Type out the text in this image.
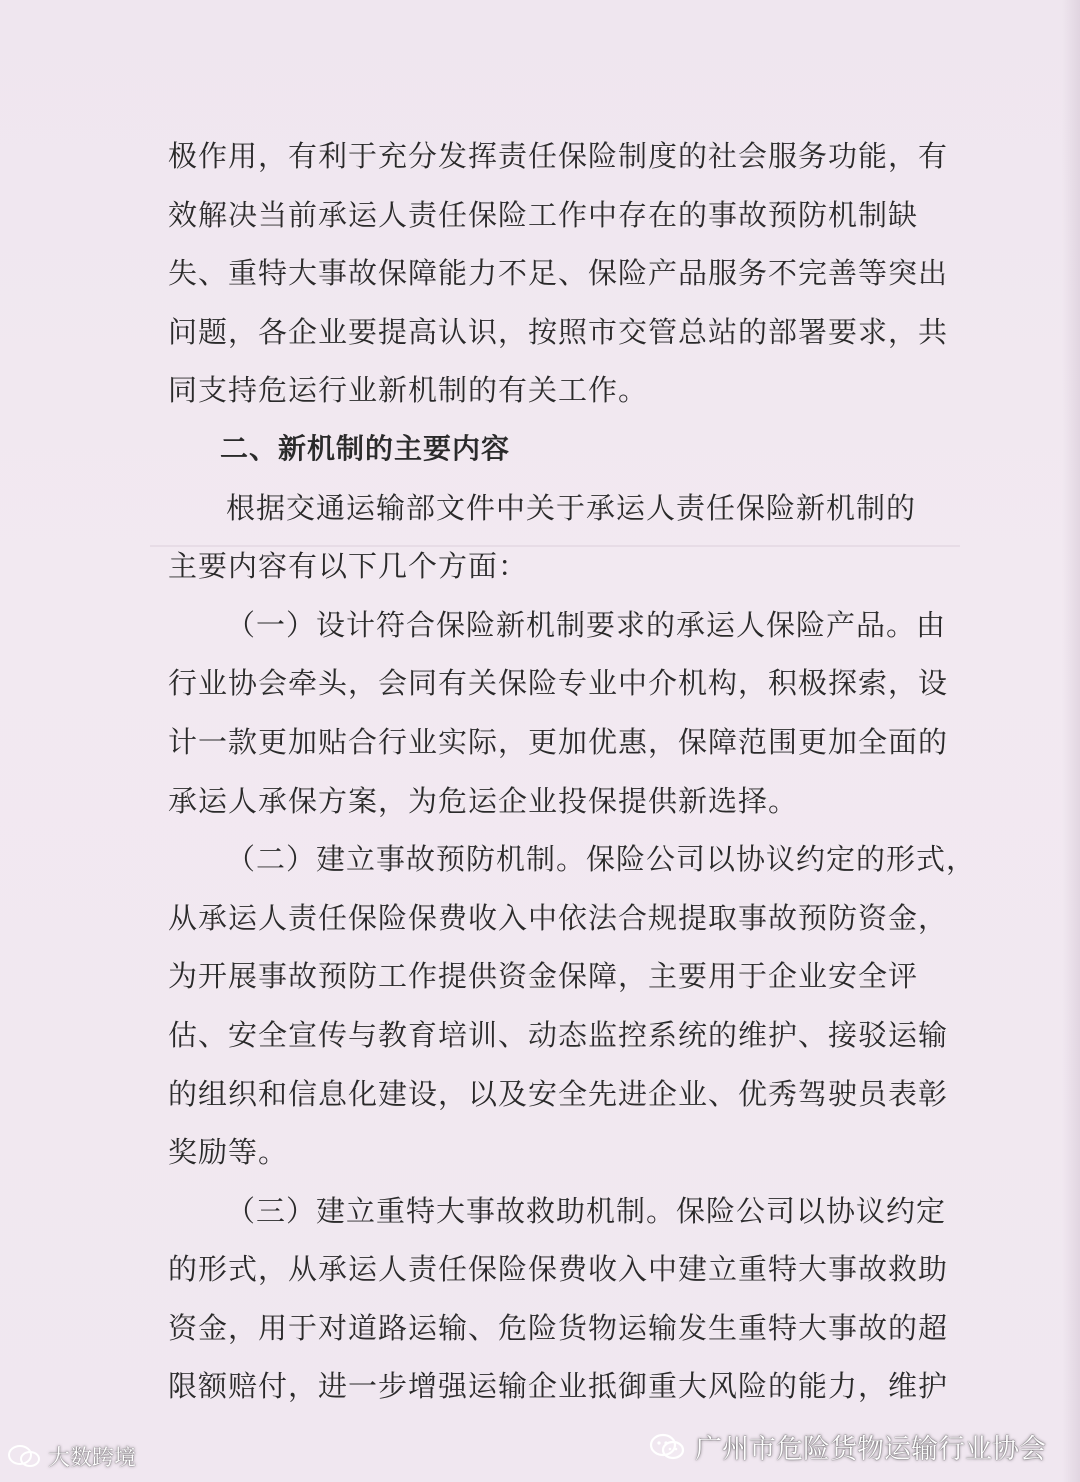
极作用，有利于充分发挥责任保险制度的社会服务功能，有
效解决当前承运人责任保险工作中存在的事故预防机制缺
失、重特大事故保障能力不足、保险产品服务不完善等突出
问题，各企业要提高认识，按照市交管总站的部署要求，共
同支持危运行业新机制的有关工作。
二、新机制的主要内容
根据交通运输部文件中关于承运人责任保险新机制的
主要内容有以下几个方面：
（一）设计符合保险新机制要求的承运人保险产品。由
行业协会牵头，会同有关保险专业中介机构，积极探索，设
计一款更加贴合行业实际，更加优惠，保障范围更加全面的
承运人承保方案，为危运企业投保提供新选择。
（二）建立事故预防机制。保险公司以协议约定的形式，
从承运人责任保险保费收入中依法合规提取事故预防资金，
为开展事故预防工作提供资金保障，主要用于企业安全评
估、安全宣传与教育培训、动态监控系统的维护、接驳运输
的组织和信息化建设，以及安全先进企业、优秀驾驶员表彰
奖励等。
（三）建立重特大事故救助机制。保险公司以协议约定
的形式，从承运人责任保险保费收入中建立重特大事故救助
资金，用于对道路运输、危险货物运输发生重特大事故的超
限额赔付，进一步增强运输企业抵御重大风险的能力，维护
大数跨境	广州市危险货物运输行业协会
